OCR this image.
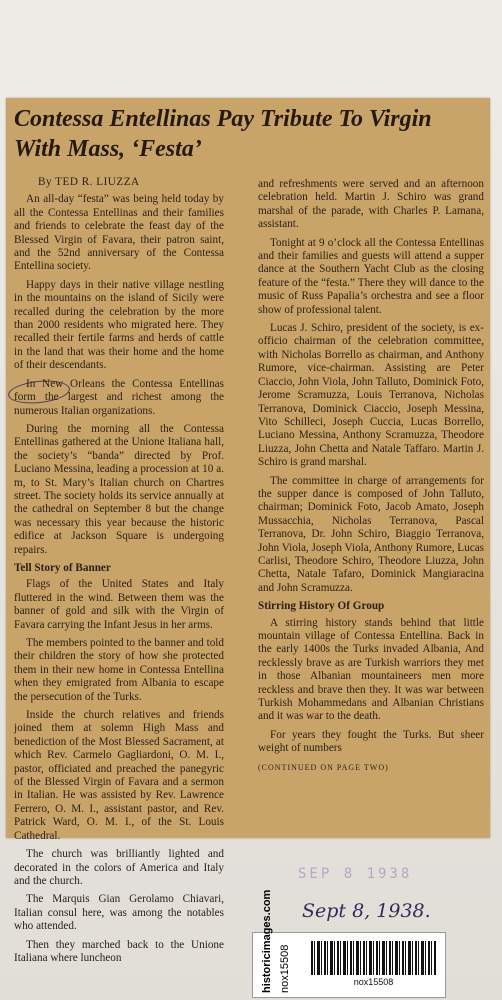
Contessa Entellinas Pay Tribute To Virgin With Mass, ‘Festa’
By TED R. LIUZZA

An all-day “festa” was being held today by all the Contessa Entellinas and their families and friends to celebrate the feast day of the Blessed Virgin of Favara, their patron saint, and the 52nd anniversary of the Contessa Entellina society.

Happy days in their native village nestling in the mountains on the island of Sicily were recalled during the celebration by the more than 2000 residents who migrated here. They recalled their fertile farms and herds of cattle in the land that was their home and the home of their descendants.

In New Orleans the Contessa Entellinas form the largest and richest among the numerous Italian organizations.

During the morning all the Contessa Entellinas gathered at the Unione Italiana hall, the society’s “banda” directed by Prof. Luciano Messina, leading a procession at 10 a. m, to St. Mary’s Italian church on Chartres street. The society holds its service annually at the cathedral on September 8 but the change was necessary this year because the historic edifice at Jackson Square is undergoing repairs.

Tell Story of Banner

Flags of the United States and Italy fluttered in the wind. Between them was the banner of gold and silk with the Virgin of Favara carrying the Infant Jesus in her arms.

The members pointed to the banner and told their children the story of how she protected them in their new home in Contessa Entellina when they emigrated from Albania to escape the persecution of the Turks.

Inside the church relatives and friends joined them at solemn High Mass and benediction of the Most Blessed Sacrament, at which Rev. Carmelo Gagliardoni, O. M. I., pastor, officiated and preached the panegyric of the Blessed Virgin of Favara and a sermon in Italian. He was assisted by Rev. Lawrence Ferrero, O. M. I., assistant pastor, and Rev. Patrick Ward, O. M. I., of the St. Louis Cathedral.

The church was brilliantly lighted and decorated in the colors of America and Italy and the church.

The Marquis Gian Gerolamo Chiavari, Italian consul here, was among the notables who attended.

Then they marched back to the Unione Italiana where luncheon

and refreshments were served and an afternoon celebration held. Martin J. Schiro was grand marshal of the parade, with Charles P. Lamana, assistant.

Tonight at 9 o’clock all the Contessa Entellinas and their families and guests will attend a supper dance at the Southern Yacht Club as the closing feature of the “festa.” There they will dance to the music of Russ Papalia’s orchestra and see a floor show of professional talent.

Lucas J. Schiro, president of the society, is ex-officio chairman of the celebration committee, with Nicholas Borrello as chairman, and Anthony Rumore, vice-chairman. Assisting are Peter Ciaccio, John Viola, John Talluto, Dominick Foto, Jerome Scramuzza, Louis Terranova, Nicholas Terranova, Dominick Ciaccio, Joseph Messina, Vito Schilleci, Joseph Cuccia, Lucas Borrello, Luciano Messina, Anthony Scramuzza, Theodore Liuzza, John Chetta and Natale Taffaro. Martin J. Schiro is grand marshal.

The committee in charge of arrangements for the supper dance is composed of John Talluto, chairman; Dominick Foto, Jacob Amato, Joseph Mussacchia, Nicholas Terranova, Pascal Terranova, Dr. John Schiro, Biaggio Terranova, John Viola, Joseph Viola, Anthony Rumore, Lucas Carlisi, Theodore Schiro, Theodore Liuzza, John Chetta, Natale Tafaro, Dominick Mangiaracina and John Scramuzza.

Stirring History Of Group

A stirring history stands behind that little mountain village of Contessa Entellina. Back in the early 1400s the Turks invaded Albania, And recklessly brave as are Turkish warriors they met in those Albanian mountaineers men more reckless and brave then they. It was war between Turkish Mohammedans and Albanian Christians and it was war to the death.

For years they fought the Turks. But sheer weight of numbers

(CONTINUED ON PAGE TWO)
SEP 8 1938
Sept 8, 1938.
historicimages.com nox15508	nox15508
